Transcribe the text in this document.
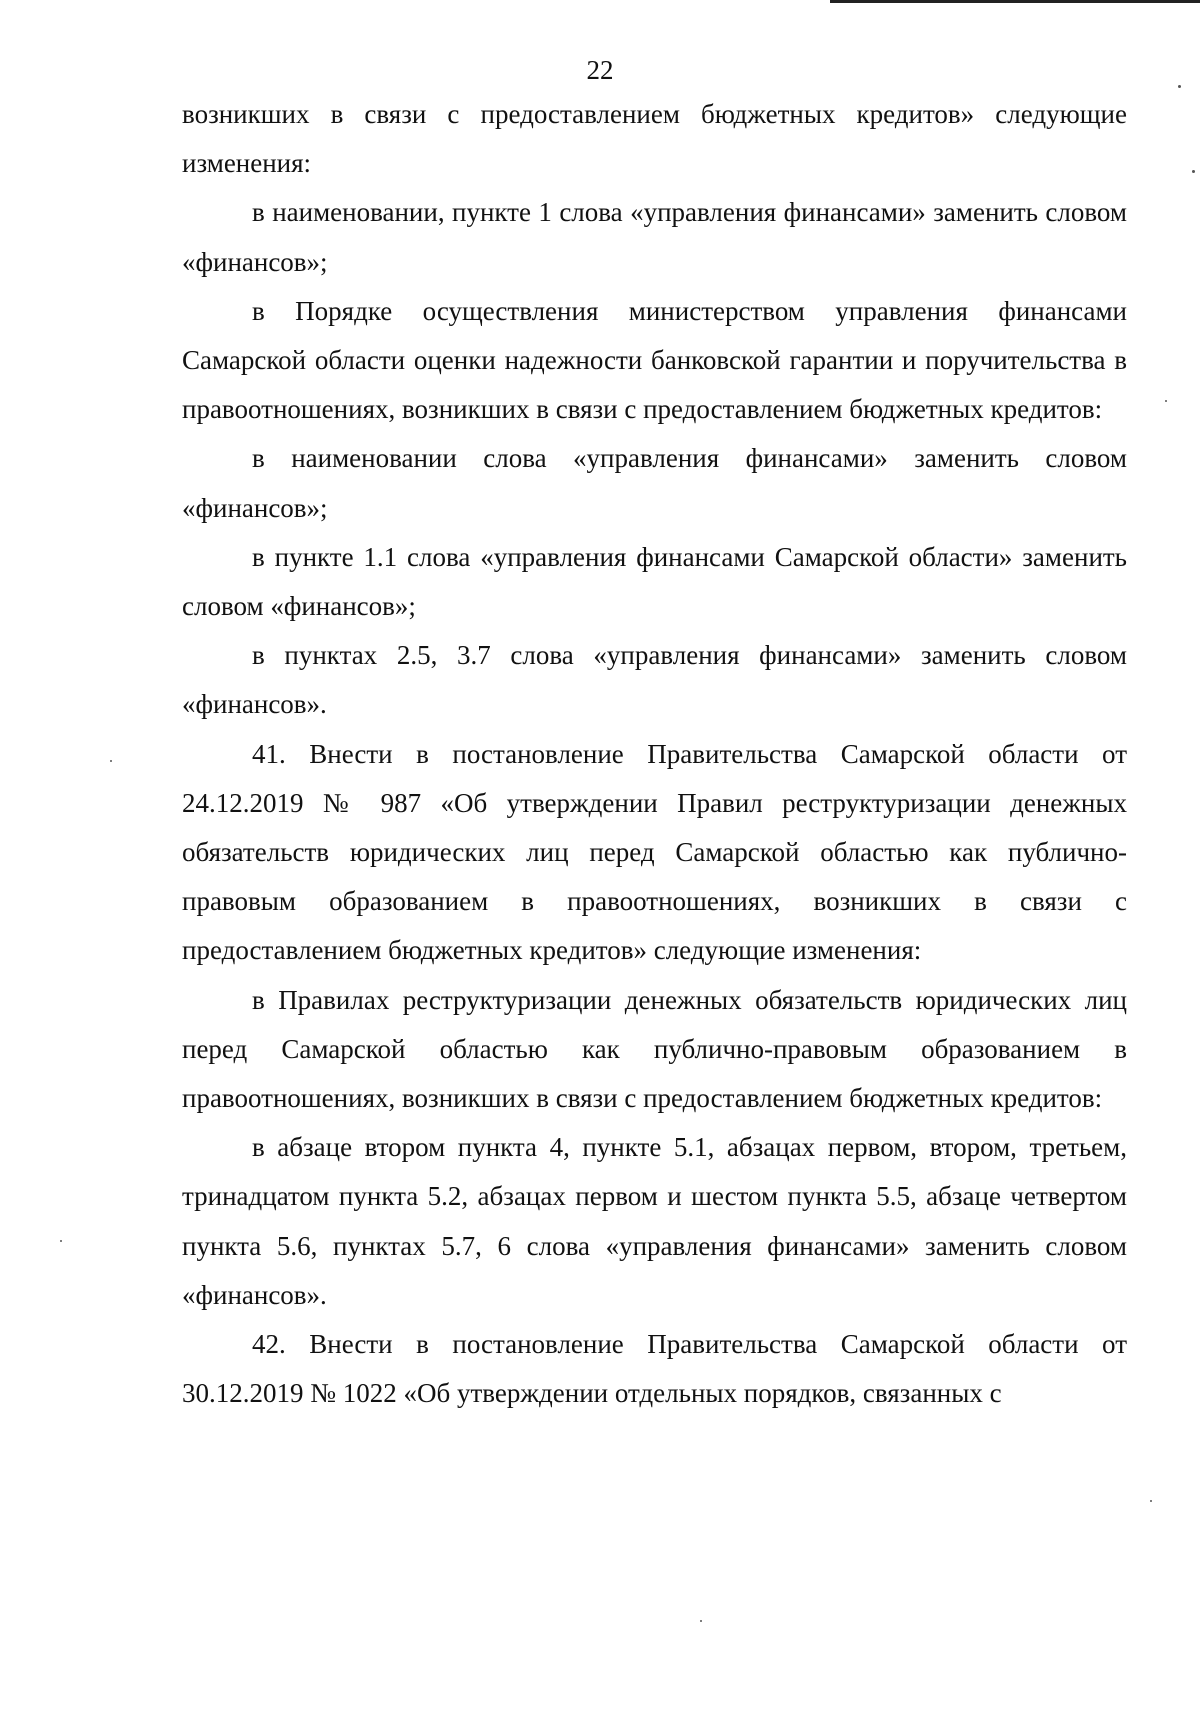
22

возникших в связи с предоставлением бюджетных кредитов» следующие изменения:

в наименовании, пункте 1 слова «управления финансами» заменить словом «финансов»;

в Порядке осуществления министерством управления финансами Самарской области оценки надежности банковской гарантии и поручительства в правоотношениях, возникших в связи с предоставлением бюджетных кредитов:

в наименовании слова «управления финансами» заменить словом «финансов»;

в пункте 1.1 слова «управления финансами Самарской области» заменить словом «финансов»;

в пунктах 2.5, 3.7 слова «управления финансами» заменить словом «финансов».

41. Внести в постановление Правительства Самарской области от 24.12.2019 № 987 «Об утверждении Правил реструктуризации денежных обязательств юридических лиц перед Самарской областью как публично-правовым образованием в правоотношениях, возникших в связи с предоставлением бюджетных кредитов» следующие изменения:

в Правилах реструктуризации денежных обязательств юридических лиц перед Самарской областью как публично-правовым образованием в правоотношениях, возникших в связи с предоставлением бюджетных кредитов:

в абзаце втором пункта 4, пункте 5.1, абзацах первом, втором, третьем, тринадцатом пункта 5.2, абзацах первом и шестом пункта 5.5, абзаце четвертом пункта 5.6, пунктах 5.7, 6 слова «управления финансами» заменить словом «финансов».

42. Внести в постановление Правительства Самарской области от 30.12.2019 № 1022 «Об утверждении отдельных порядков, связанных с
